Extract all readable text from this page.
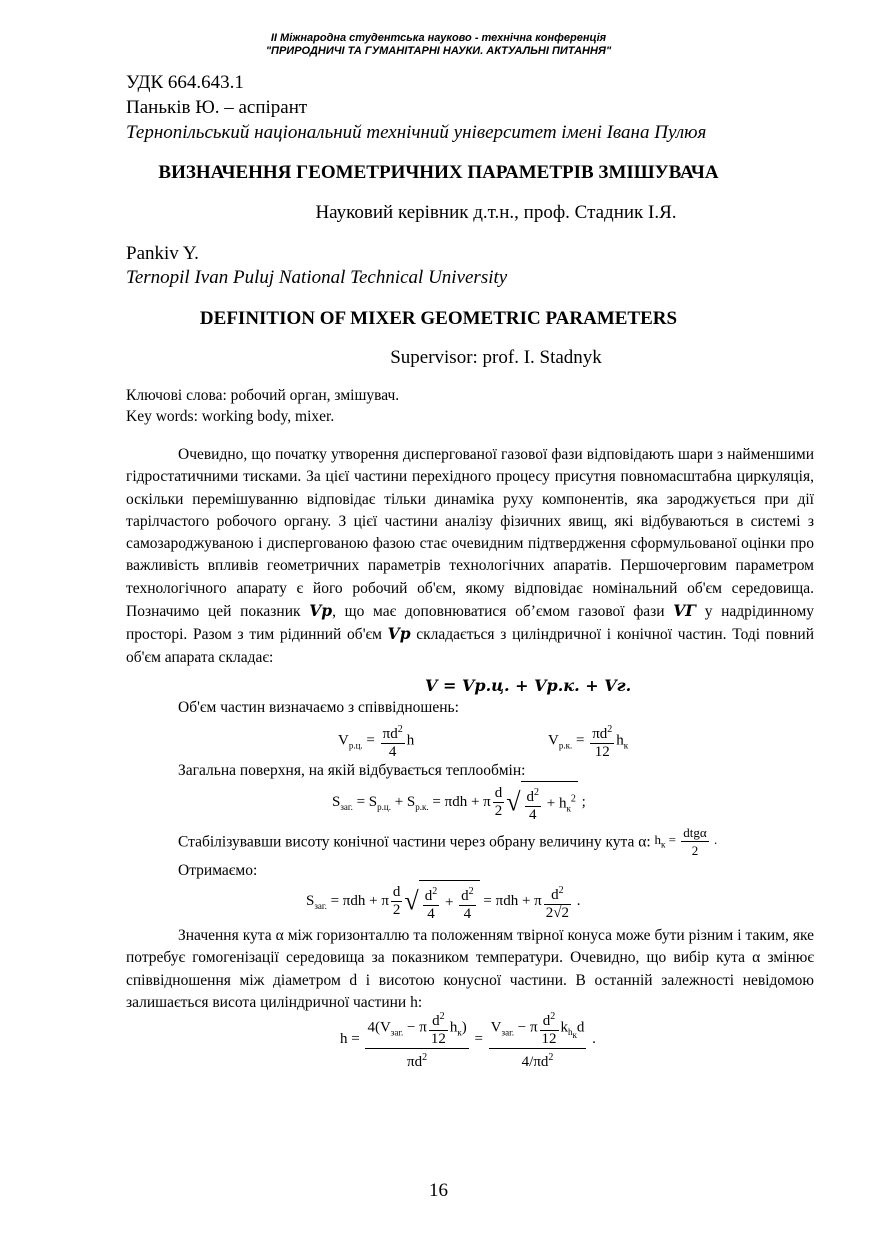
II Міжнародна студентська науково - технічна конференція
"ПРИРОДНИЧІ ТА ГУМАНІТАРНІ НАУКИ. АКТУАЛЬНІ ПИТАННЯ"
УДК 664.643.1
Паньків Ю. – аспірант
Тернопільський національний технічний університет імені Івана Пулюя
ВИЗНАЧЕННЯ ГЕОМЕТРИЧНИХ ПАРАМЕТРІВ ЗМІШУВАЧА
Науковий керівник д.т.н., проф. Стадник І.Я.
Pankiv Y.
Ternopil Ivan Puluj National Technical University
DEFINITION OF MIXER GEOMETRIC PARAMETERS
Supervisor: prof. I. Stadnyk
Ключові слова: робочий орган, змішувач.
Key words: working body, mixer.

Очевидно, що початку утворення диспергованої газової фази відповідають шари з найменшими гідростатичними тисками. За цієї частини перехідного процесу присутня повномасштабна циркуляція, оскільки перемішуванню відповідає тільки динаміка руху компонентів, яка зароджується при дії тарілчастого робочого органу. З цієї частини аналізу фізичних явищ, які відбуваються в системі з самозароджуваною і диспергованою фазою стає очевидним підтвердження сформульованої оцінки про важливість впливів геометричних параметрів технологічних апаратів. Першочерговим параметром технологічного апарату є його робочий об'єм, якому відповідає номінальний об'єм середовища. Позначимо цей показник Vр, що має доповнюватися об’ємом газової фази VГ у надрідинному просторі. Разом з тим рідинний об'єм Vр складається з циліндричної і конічної частин. Тоді повний об'єм апарата складає:

V = Vр.ц. + Vр.к. + Vг.
Об'єм частин визначаємо з співвідношень:
$V_{р.ц.} = \frac{\pi d^2}{4}$ h	$V_{р.к.} = \frac{\pi d^2}{12} h_к$
Загальна поверхня, на якій відбувається теплообмін:
$S_{заг.} = S_{р.ц.} + S_{р.к.} = \pi dh + \pi \frac{d}{2}$ √ $\frac{d^2}{4} + h_к^2$ ;
Стабілізувавши висоту конічної частини через обрану величину кута α: $h_к = \frac{\text{dtgα}}{2}$ .
Отримаємо:
$S_{заг.} = \pi dh + \pi \frac{d}{2}$ √ $\frac{d^2}{4} + \frac{d^2}{4} = \pi dh + \pi \frac{d^2}{2√2}$ .

Значення кута α між горизонталлю та положенням твірної конуса може бути різним і таким, яке потребує гомогенізації середовища за показником температури. Очевидно, що вибір кута α змінює співвідношення між діаметром d і висотою конусної частини. В останній залежності невідомою залишається висота циліндричної частини h:

$h = \frac{4(V_{заг.} - \pi \frac{d^2}{12} h_к)}{\pi d^2} = \frac{V_{заг.} - \pi \frac{d^2}{12} k_{h_к}d}{4/\pi d^2}$ .
16
